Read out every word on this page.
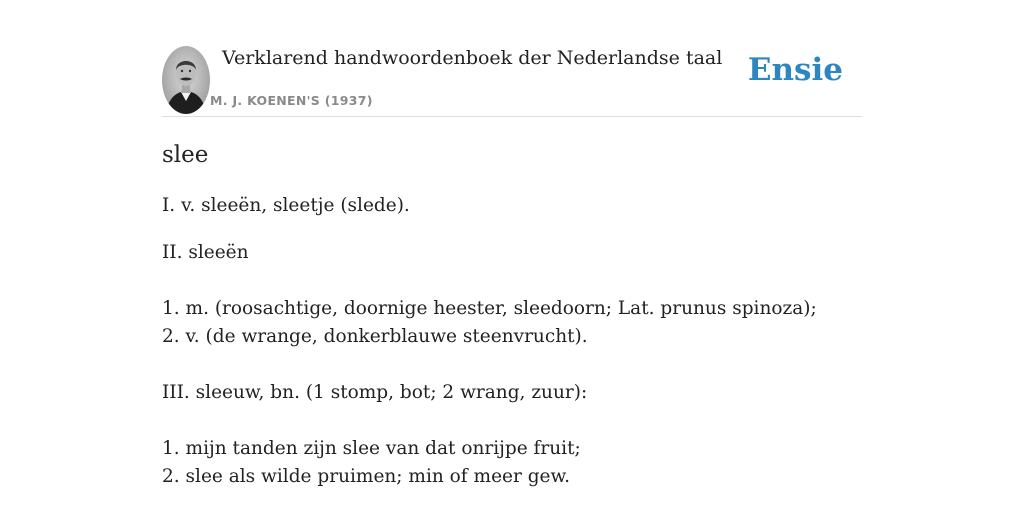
Verklarend handwoordenboek der Nederlandse taal
M. J. KOENEN'S (1937)
Ensie
slee
I. v. sleeën, sleetje (slede).
II. sleeën
1. m. (roosachtige, doornige heester, sleedoorn; Lat. prunus spinoza);
2. v. (de wrange, donkerblauwe steenvrucht).
III. sleeuw, bn. (1 stomp, bot; 2 wrang, zuur):
1. mijn tanden zijn slee van dat onrijpe fruit;
2. slee als wilde pruimen; min of meer gew.
